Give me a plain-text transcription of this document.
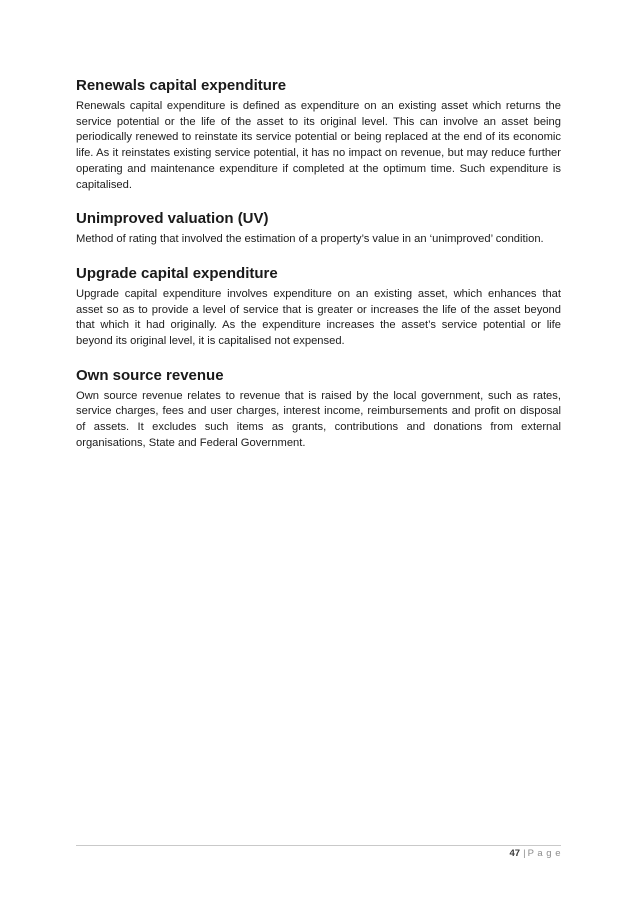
Renewals capital expenditure

Renewals capital expenditure is defined as expenditure on an existing asset which returns the service potential or the life of the asset to its original level. This can involve an asset being periodically renewed to reinstate its service potential or being replaced at the end of its economic life. As it reinstates existing service potential, it has no impact on revenue, but may reduce further operating and maintenance expenditure if completed at the optimum time. Such expenditure is capitalised.

Unimproved valuation (UV)

Method of rating that involved the estimation of a property’s value in an ‘unimproved’ condition.

Upgrade capital expenditure

Upgrade capital expenditure involves expenditure on an existing asset, which enhances that asset so as to provide a level of service that is greater or increases the life of the asset beyond that which it had originally. As the expenditure increases the asset’s service potential or life beyond its original level, it is capitalised not expensed.

Own source revenue

Own source revenue relates to revenue that is raised by the local government, such as rates, service charges, fees and user charges, interest income, reimbursements and profit on disposal of assets. It excludes such items as grants, contributions and donations from external organisations, State and Federal Government.

47 | P a g e
